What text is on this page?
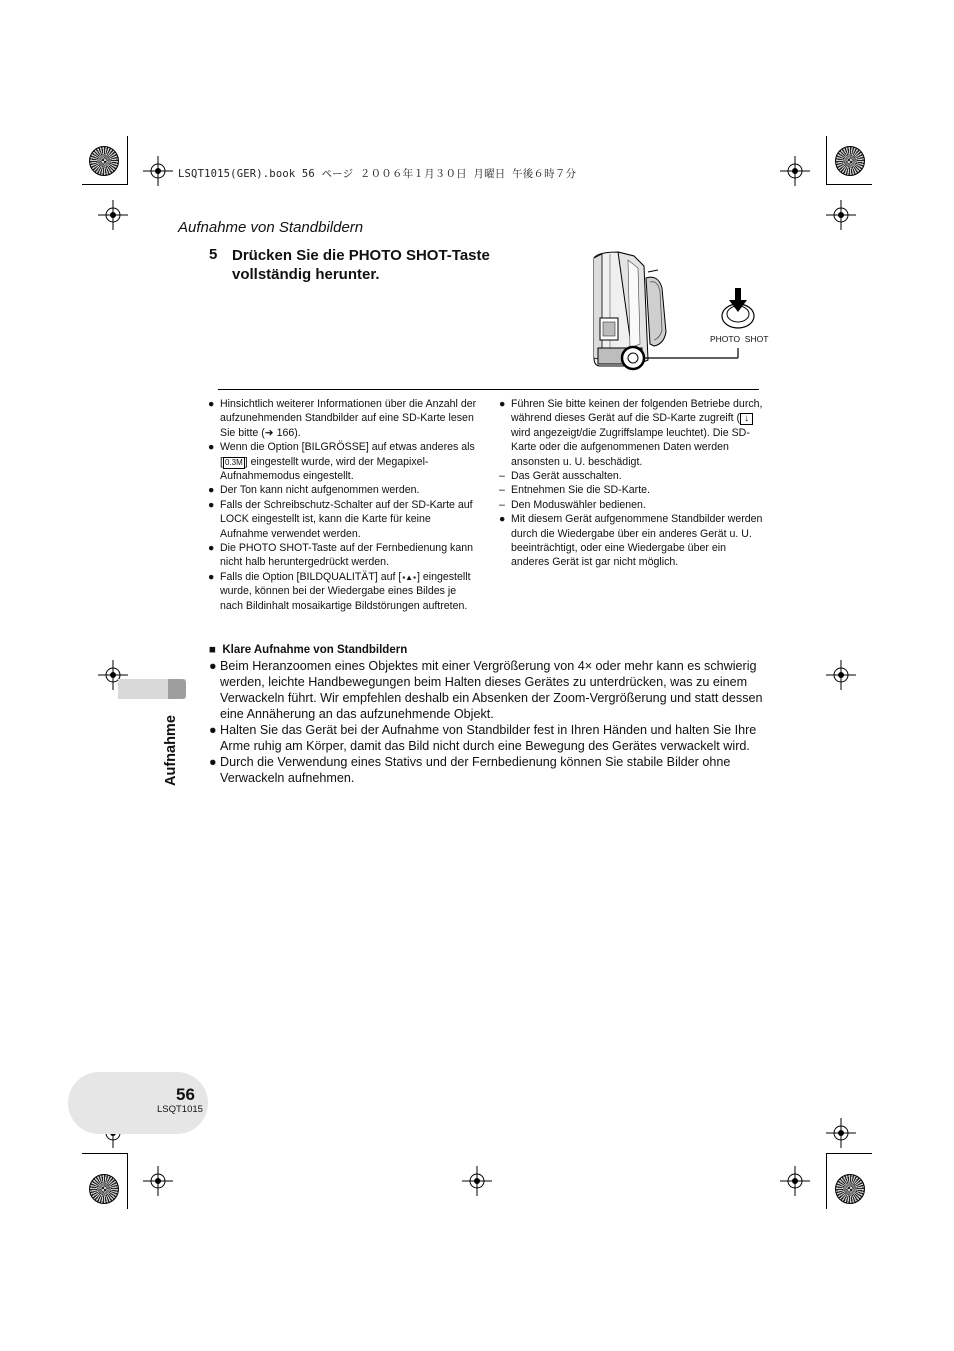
LSQT1015(GER).book 56 ページ ２００６年１月３０日 月曜日 午後６時７分
Aufnahme von Standbildern
5 Drücken Sie die PHOTO SHOT-Taste vollständig herunter.
PHOTO  SHOT
● Hinsichtlich weiterer Informationen über die Anzahl der aufzunehmenden Standbilder auf eine SD-Karte lesen Sie bitte (➜ 166).
● Wenn die Option [BILGRÖSSE] auf etwas anderes als [ 0.3M ] eingestellt wurde, wird der Megapixel-Aufnahmemodus eingestellt.
● Der Ton kann nicht aufgenommen werden.
● Falls der Schreibschutz-Schalter auf der SD-Karte auf LOCK eingestellt ist, kann die Karte für keine Aufnahme verwendet werden.
● Die PHOTO SHOT-Taste auf der Fernbedienung kann nicht halb heruntergedrückt werden.
● Falls die Option [BILDQUALITÄT] auf [▪▲▪] eingestellt wurde, können bei der Wiedergabe eines Bildes je nach Bildinhalt mosaikartige Bildstörungen auftreten.
● Führen Sie bitte keinen der folgenden Betriebe durch, während dieses Gerät auf die SD-Karte zugreift ( ↓ wird angezeigt/die Zugriffslampe leuchtet). Die SD-Karte oder die aufgenommenen Daten werden ansonsten u. U. beschädigt.
– Das Gerät ausschalten.
– Entnehmen Sie die SD-Karte.
– Den Moduswähler bedienen.
● Mit diesem Gerät aufgenommene Standbilder werden durch die Wiedergabe über ein anderes Gerät u. U. beeinträchtigt, oder eine Wiedergabe über ein anderes Gerät ist gar nicht möglich.
■  Klare Aufnahme von Standbildern
● Beim Heranzoomen eines Objektes mit einer Vergrößerung von 4× oder mehr kann es schwierig werden, leichte Handbewegungen beim Halten dieses Gerätes zu unterdrücken, was zu einem Verwackeln führt. Wir empfehlen deshalb ein Absenken der Zoom-Vergrößerung und statt dessen eine Annäherung an das aufzunehmende Objekt.
● Halten Sie das Gerät bei der Aufnahme von Standbilder fest in Ihren Händen und halten Sie Ihre Arme ruhig am Körper, damit das Bild nicht durch eine Bewegung des Gerätes verwackelt wird.
● Durch die Verwendung eines Stativs und der Fernbedienung können Sie stabile Bilder ohne Verwackeln aufnehmen.
Aufnahme
56
LSQT1015
